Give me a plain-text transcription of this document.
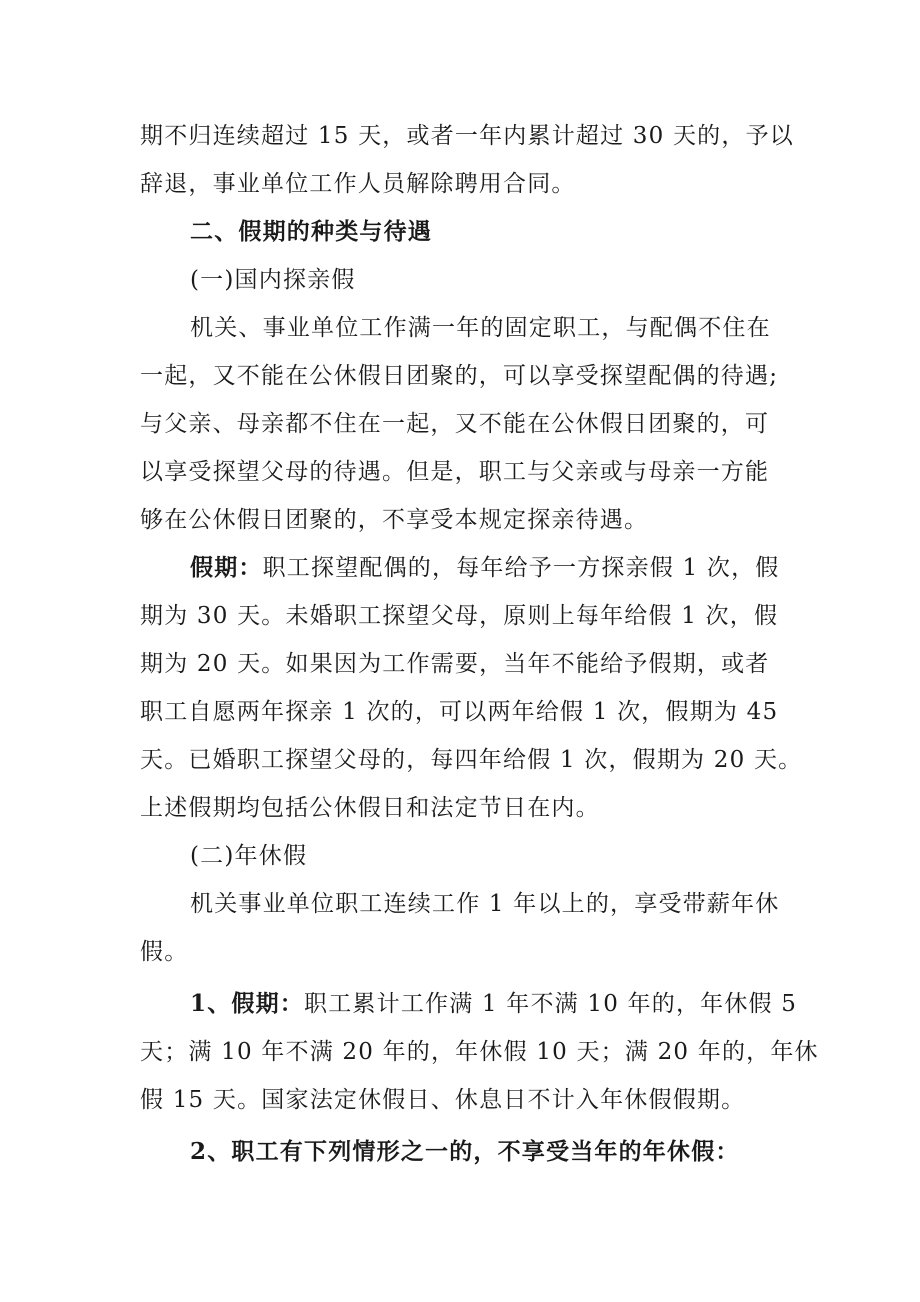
期不归连续超过 15 天，或者一年内累计超过 30 天的，予以
辞退，事业单位工作人员解除聘用合同。
二、假期的种类与待遇
(一)国内探亲假
机关、事业单位工作满一年的固定职工，与配偶不住在
一起，又不能在公休假日团聚的，可以享受探望配偶的待遇;
与父亲、母亲都不住在一起，又不能在公休假日团聚的，可
以享受探望父母的待遇。但是，职工与父亲或与母亲一方能
够在公休假日团聚的，不享受本规定探亲待遇。
假期：职工探望配偶的，每年给予一方探亲假 1 次，假
期为 30 天。未婚职工探望父母，原则上每年给假 1 次，假
期为 20 天。如果因为工作需要，当年不能给予假期，或者
职工自愿两年探亲 1 次的，可以两年给假 1 次，假期为 45
天。已婚职工探望父母的，每四年给假 1 次，假期为 20 天。
上述假期均包括公休假日和法定节日在内。
(二)年休假
机关事业单位职工连续工作 1 年以上的，享受带薪年休
假。
1、假期：职工累计工作满 1 年不满 10 年的，年休假 5
天；满 10 年不满 20 年的，年休假 10 天；满 20 年的，年休
假 15 天。国家法定休假日、休息日不计入年休假假期。
2、职工有下列情形之一的，不享受当年的年休假：
